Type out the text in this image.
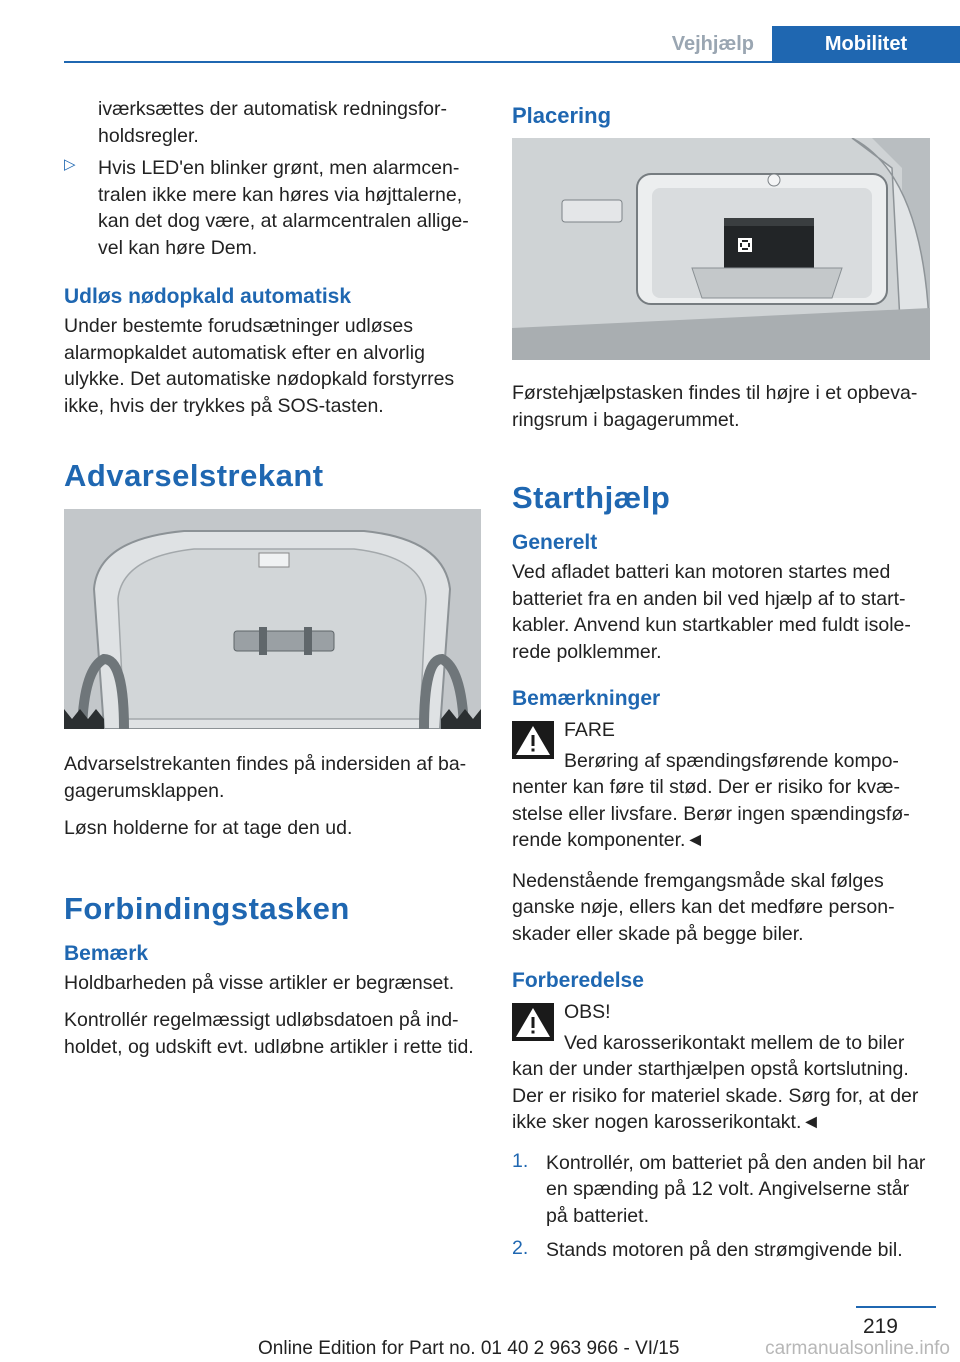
Vejhjælp	Mobilitet

iværksættes der automatisk redningsfor-holdsregler.

▷ Hvis LED'en blinker grønt, men alarmcen-tralen ikke mere kan høres via højttalerne, kan det dog være, at alarmcentralen allige-vel kan høre Dem.

Udløs nødopkald automatisk

Under bestemte forudsætninger udløses alarmopkaldet automatisk efter en alvorlig ulykke. Det automatiske nødopkald forstyrres ikke, hvis der trykkes på SOS-tasten.

Advarselstrekant

Advarselstrekanten findes på indersiden af ba-gagerumsklappen.

Løsn holderne for at tage den ud.

Forbindingstasken
Bemærk

Holdbarheden på visse artikler er begrænset.

Kontrollér regelmæssigt udløbsdatoen på ind-holdet, og udskift evt. udløbne artikler i rette tid.

Placering

Førstehjælpstasken findes til højre i et opbeva-ringsrum i bagagerummet.

Starthjælp
Generelt

Ved afladet batteri kan motoren startes med batteriet fra en anden bil ved hjælp af to start-kabler. Anvend kun startkabler med fuldt isole-rede polklemmer.

Bemærkninger

FARE

Berøring af spændingsførende kompo-nenter kan føre til stød. Der er risiko for kvæ-stelse eller livsfare. Berør ingen spændingsfø-rende komponenter.◄

Nedenstående fremgangsmåde skal følges ganske nøje, ellers kan det medføre person-skader eller skade på begge biler.

Forberedelse

OBS!

Ved karosserikontakt mellem de to biler kan der under starthjælpen opstå kortslutning. Der er risiko for materiel skade. Sørg for, at der ikke sker nogen karosserikontakt.◄

1. Kontrollér, om batteriet på den anden bil har en spænding på 12 volt. Angivelserne står på batteriet.

2. Stands motoren på den strømgivende bil.

219
Online Edition for Part no. 01 40 2 963 966 - VI/15	carmanualsonline.info
